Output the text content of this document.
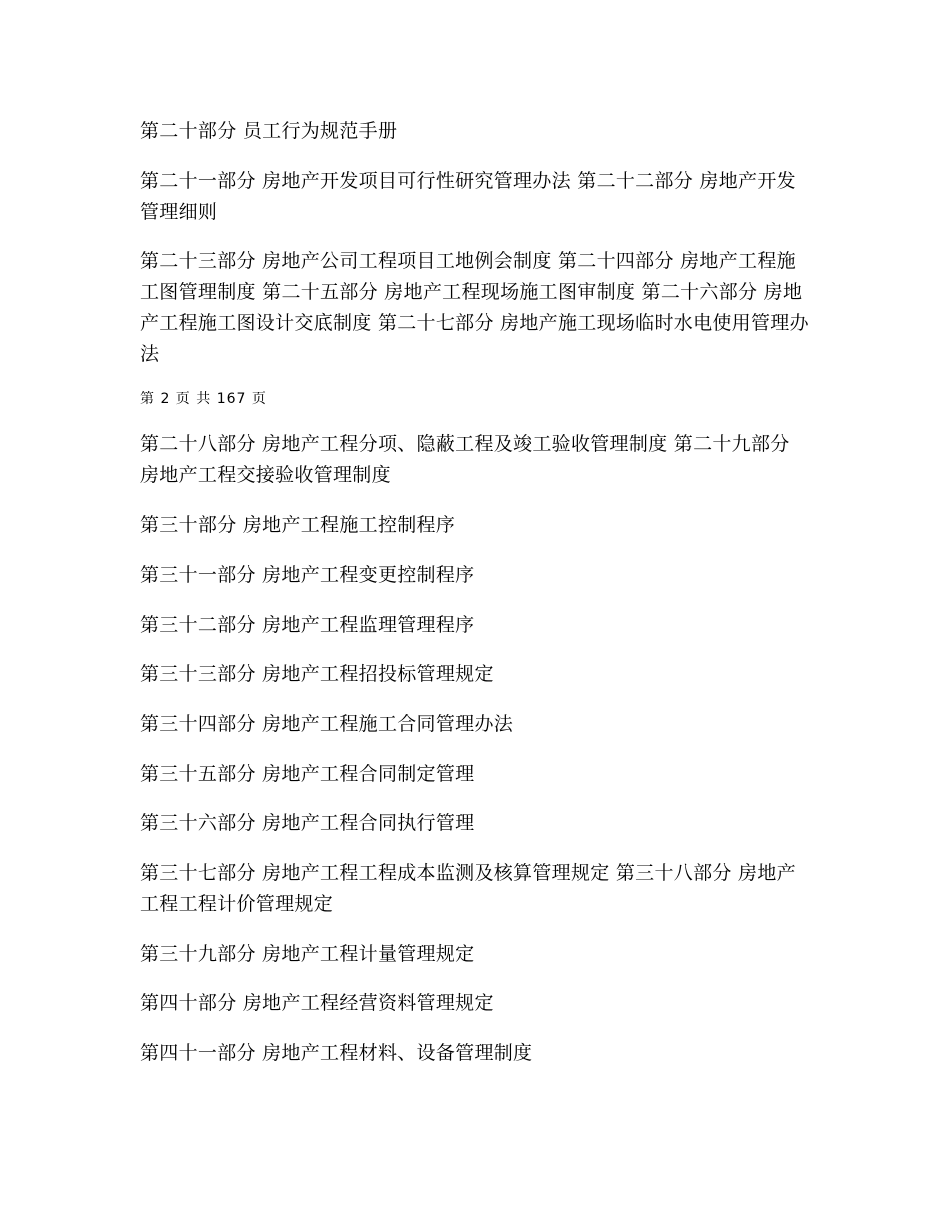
第二十部分 员工行为规范手册

第二十一部分 房地产开发项目可行性研究管理办法 第二十二部分 房地产开发管理细则

第二十三部分 房地产公司工程项目工地例会制度 第二十四部分 房地产工程施工图管理制度 第二十五部分 房地产工程现场施工图审制度 第二十六部分 房地产工程施工图设计交底制度 第二十七部分 房地产施工现场临时水电使用管理办法

第 2 页 共 167 页

第二十八部分 房地产工程分项、隐蔽工程及竣工验收管理制度 第二十九部分 房地产工程交接验收管理制度

第三十部分 房地产工程施工控制程序

第三十一部分 房地产工程变更控制程序

第三十二部分 房地产工程监理管理程序

第三十三部分 房地产工程招投标管理规定

第三十四部分 房地产工程施工合同管理办法

第三十五部分 房地产工程合同制定管理

第三十六部分 房地产工程合同执行管理

第三十七部分 房地产工程工程成本监测及核算管理规定 第三十八部分 房地产工程工程计价管理规定

第三十九部分 房地产工程计量管理规定

第四十部分 房地产工程经营资料管理规定

第四十一部分 房地产工程材料、设备管理制度
